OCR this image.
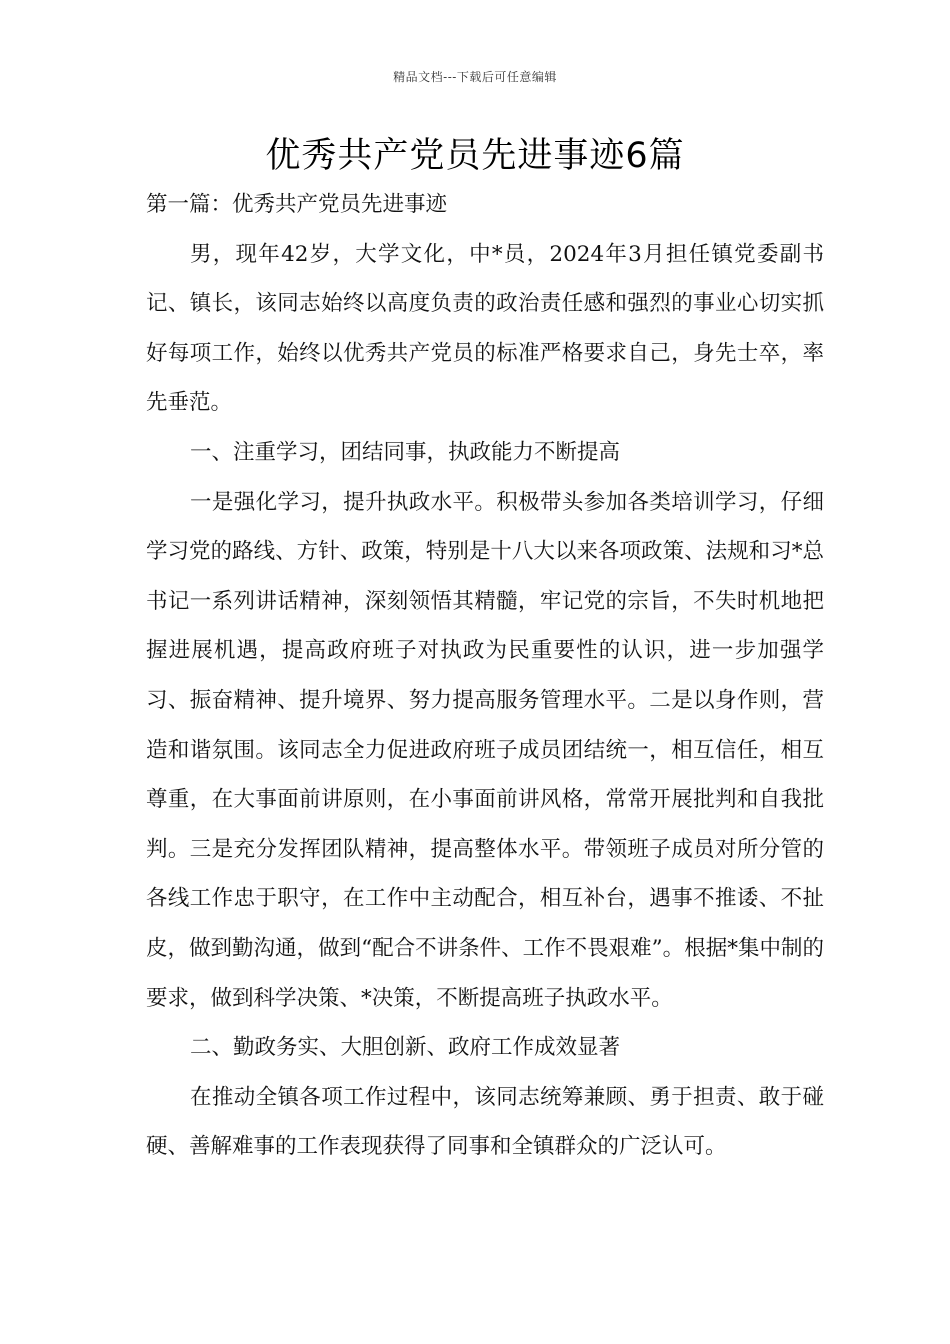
精品文档---下载后可任意编辑
优秀共产党员先进事迹6篇

第一篇：优秀共产党员先进事迹

男，现年42岁，大学文化，中*员，2024年3月担任镇党委副书记、镇长，该同志始终以高度负责的政治责任感和强烈的事业心切实抓好每项工作，始终以优秀共产党员的标准严格要求自己，身先士卒，率先垂范。

一、注重学习，团结同事，执政能力不断提高

一是强化学习，提升执政水平。积极带头参加各类培训学习，仔细学习党的路线、方针、政策，特别是十八大以来各项政策、法规和习*总书记一系列讲话精神，深刻领悟其精髓，牢记党的宗旨，不失时机地把握进展机遇，提高政府班子对执政为民重要性的认识，进一步加强学习、振奋精神、提升境界、努力提高服务管理水平。二是以身作则，营造和谐氛围。该同志全力促进政府班子成员团结统一，相互信任，相互尊重，在大事面前讲原则，在小事面前讲风格，常常开展批判和自我批判。三是充分发挥团队精神，提高整体水平。带领班子成员对所分管的各线工作忠于职守，在工作中主动配合，相互补台，遇事不推诿、不扯皮，做到勤沟通，做到“配合不讲条件、工作不畏艰难”。根据*集中制的要求，做到科学决策、*决策，不断提高班子执政水平。

二、勤政务实、大胆创新、政府工作成效显著

在推动全镇各项工作过程中，该同志统筹兼顾、勇于担责、敢于碰硬、善解难事的工作表现获得了同事和全镇群众的广泛认可。
